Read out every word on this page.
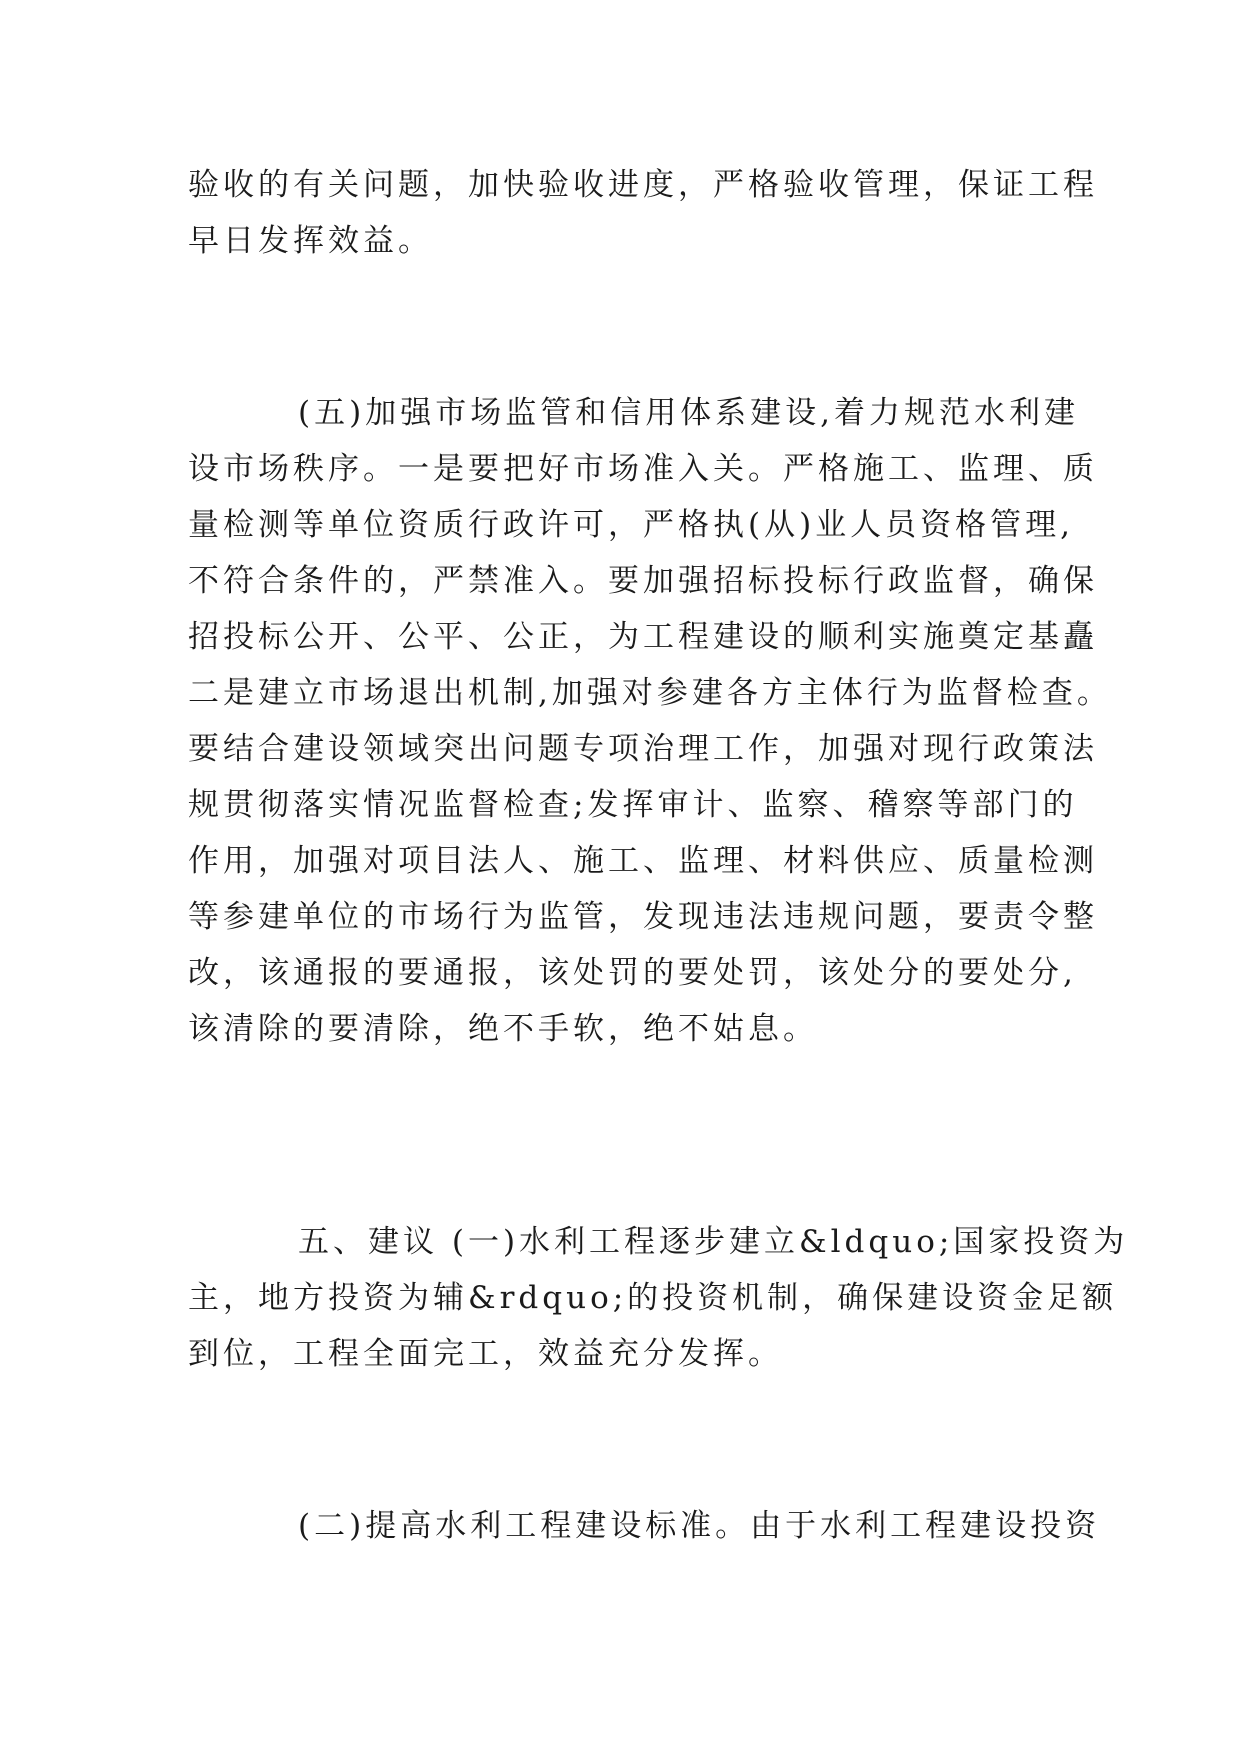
验收的有关问题，加快验收进度，严格验收管理，保证工程
早日发挥效益。
(五)加强市场监管和信用体系建设,着力规范水利建
设市场秩序。一是要把好市场准入关。严格施工、监理、质
量检测等单位资质行政许可，严格执(从)业人员资格管理,
不符合条件的，严禁准入。要加强招标投标行政监督，确保
招投标公开、公平、公正，为工程建设的顺利实施奠定基矗
二是建立市场退出机制,加强对参建各方主体行为监督检查。
要结合建设领域突出问题专项治理工作，加强对现行政策法
规贯彻落实情况监督检查;发挥审计、监察、稽察等部门的
作用，加强对项目法人、施工、监理、材料供应、质量检测
等参建单位的市场行为监管，发现违法违规问题，要责令整
改，该通报的要通报，该处罚的要处罚，该处分的要处分,
该清除的要清除，绝不手软，绝不姑息。
五、建议 (一)水利工程逐步建立&ldquo;国家投资为
主，地方投资为辅&rdquo;的投资机制，确保建设资金足额
到位，工程全面完工，效益充分发挥。
(二)提高水利工程建设标准。由于水利工程建设投资
